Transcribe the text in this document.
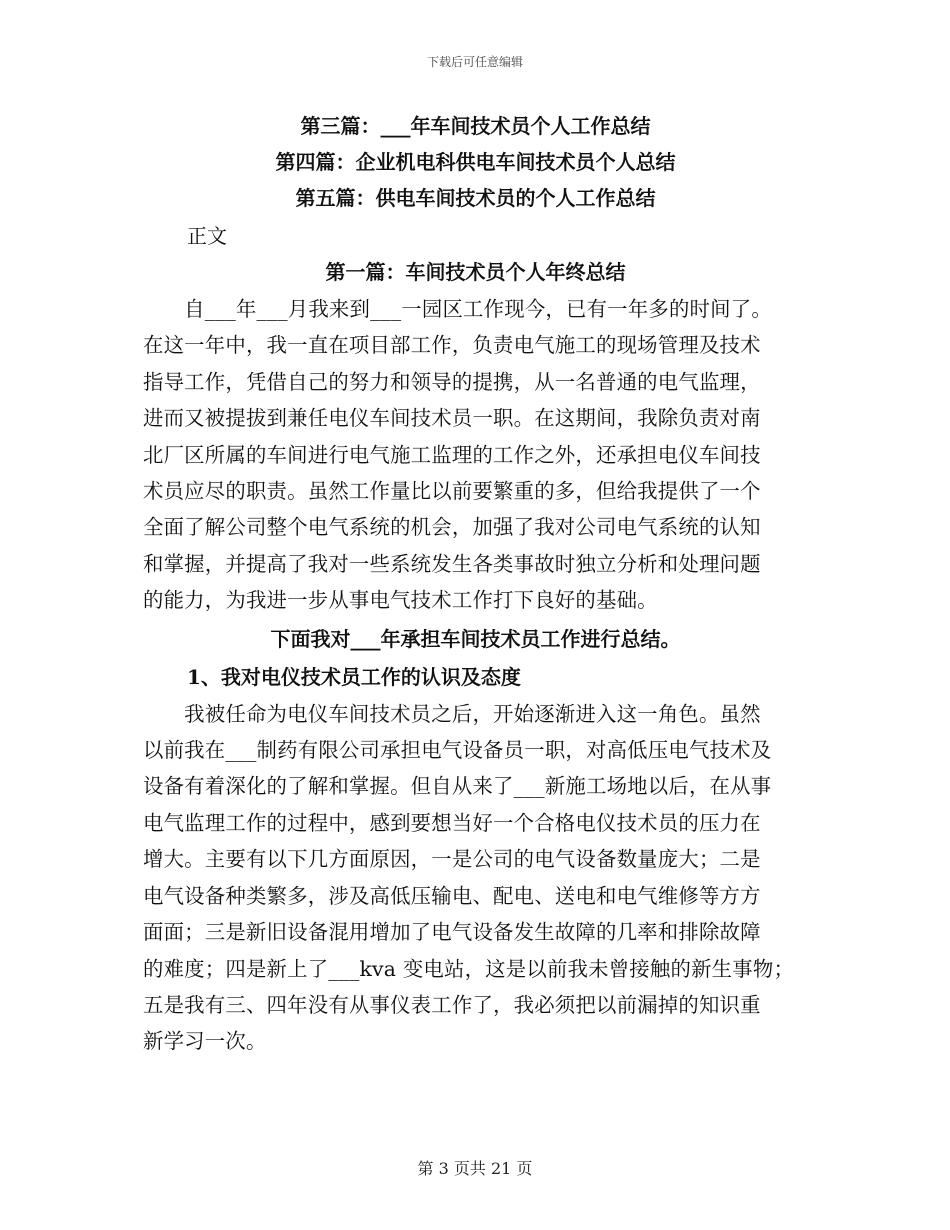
下载后可任意编辑
第三篇：___年车间技术员个人工作总结
第四篇：企业机电科供电车间技术员个人总结
第五篇：供电车间技术员的个人工作总结
正文
第一篇：车间技术员个人年终总结

　　自___年___月我来到___一园区工作现今，已有一年多的时间了。

在这一年中，我一直在项目部工作，负责电气施工的现场管理及技术

指导工作，凭借自己的努力和领导的提携，从一名普通的电气监理，

进而又被提拔到兼任电仪车间技术员一职。在这期间，我除负责对南

北厂区所属的车间进行电气施工监理的工作之外，还承担电仪车间技

术员应尽的职责。虽然工作量比以前要繁重的多，但给我提供了一个

全面了解公司整个电气系统的机会，加强了我对公司电气系统的认知

和掌握，并提高了我对一些系统发生各类事故时独立分析和处理问题

的能力，为我进一步从事电气技术工作打下良好的基础。

下面我对___年承担车间技术员工作进行总结。
1、我对电仪技术员工作的认识及态度

　　我被任命为电仪车间技术员之后，开始逐渐进入这一角色。虽然

以前我在___制药有限公司承担电气设备员一职，对高低压电气技术及

设备有着深化的了解和掌握。但自从来了___新施工场地以后，在从事

电气监理工作的过程中，感到要想当好一个合格电仪技术员的压力在

增大。主要有以下几方面原因，一是公司的电气设备数量庞大；二是

电气设备种类繁多，涉及高低压输电、配电、送电和电气维修等方方

面面；三是新旧设备混用增加了电气设备发生故障的几率和排除故障

的难度；四是新上了___kva 变电站，这是以前我未曾接触的新生事物；

五是我有三、四年没有从事仪表工作了，我必须把以前漏掉的知识重

新学习一次。

第 3 页共 21 页
